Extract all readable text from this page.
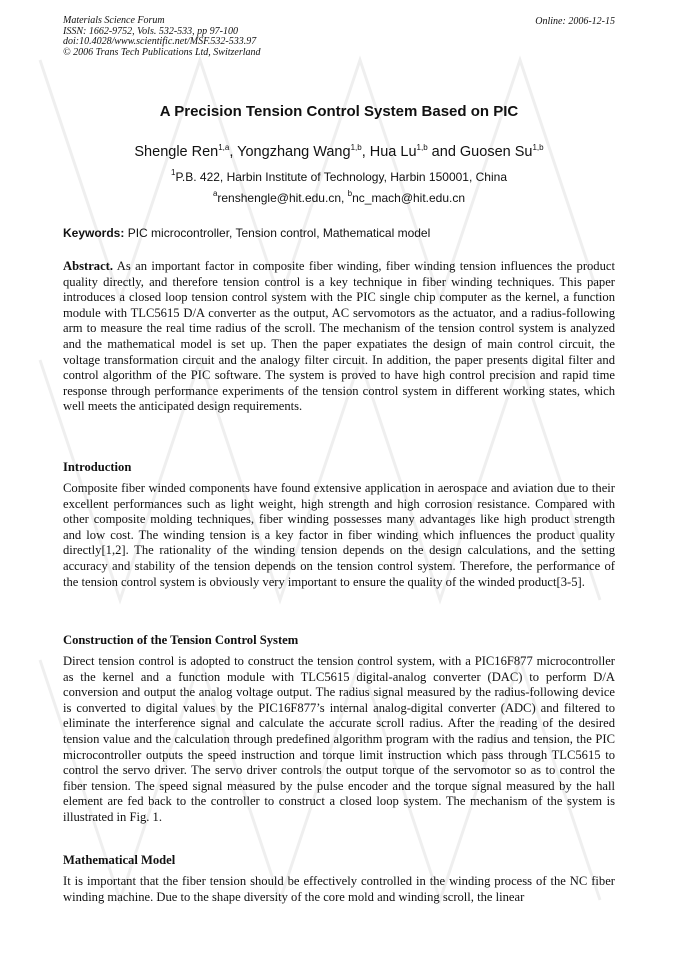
Materials Science Forum
ISSN: 1662-9752, Vols. 532-533, pp 97-100
doi:10.4028/www.scientific.net/MSF.532-533.97
© 2006 Trans Tech Publications Ltd, Switzerland
Online: 2006-12-15
A Precision Tension Control System Based on PIC
Shengle Ren$^{1,a}$, Yongzhang Wang$^{1,b}$, Hua Lu$^{1,b}$ and Guosen Su$^{1,b}$
$^1$P.B. 422, Harbin Institute of Technology, Harbin 150001, China
$^a$renshengle@hit.edu.cn, $^b$nc_mach@hit.edu.cn
Keywords: PIC microcontroller, Tension control, Mathematical model

Abstract. As an important factor in composite fiber winding, fiber winding tension influences the product quality directly, and therefore tension control is a key technique in fiber winding techniques. This paper introduces a closed loop tension control system with the PIC single chip computer as the kernel, a function module with TLC5615 D/A converter as the output, AC servomotors as the actuator, and a radius-following arm to measure the real time radius of the scroll. The mechanism of the tension control system is analyzed and the mathematical model is set up. Then the paper expatiates the design of main control circuit, the voltage transformation circuit and the analogy filter circuit. In addition, the paper presents digital filter and control algorithm of the PIC software. The system is proved to have high control precision and rapid time response through performance experiments of the tension control system in different working states, which well meets the anticipated design requirements.

Introduction

Composite fiber winded components have found extensive application in aerospace and aviation due to their excellent performances such as light weight, high strength and high corrosion resistance. Compared with other composite molding techniques, fiber winding possesses many advantages like high product strength and low cost. The winding tension is a key factor in fiber winding which influences the product quality directly[1,2]. The rationality of the winding tension depends on the design calculations, and the setting accuracy and stability of the tension depends on the tension control system. Therefore, the performance of the tension control system is obviously very important to ensure the quality of the winded product[3-5].

Construction of the Tension Control System

Direct tension control is adopted to construct the tension control system, with a PIC16F877 microcontroller as the kernel and a function module with TLC5615 digital-analog converter (DAC) to perform D/A conversion and output the analog voltage output. The radius signal measured by the radius-following device is converted to digital values by the PIC16F877’s internal analog-digital converter (ADC) and filtered to eliminate the interference signal and calculate the accurate scroll radius. After the reading of the desired tension value and the calculation through predefined algorithm program with the radius and tension, the PIC microcontroller outputs the speed instruction and torque limit instruction which pass through TLC5615 to control the servo driver. The servo driver controls the output torque of the servomotor so as to control the fiber tension. The speed signal measured by the pulse encoder and the torque signal measured by the hall element are fed back to the controller to construct a closed loop system. The mechanism of the system is illustrated in Fig. 1.

Mathematical Model

It is important that the fiber tension should be effectively controlled in the winding process of the NC fiber winding machine. Due to the shape diversity of the core mold and winding scroll, the linear
